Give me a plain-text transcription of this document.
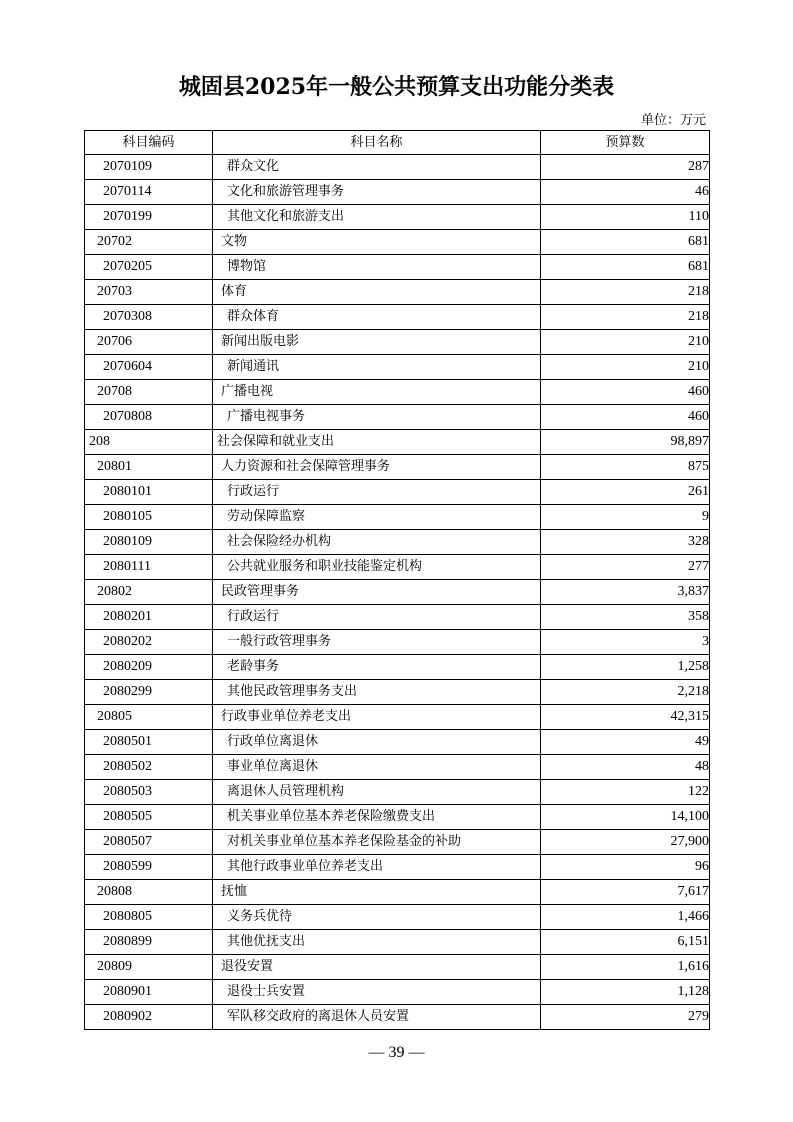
城固县2025年一般公共预算支出功能分类表
单位：万元
科目编码	科目名称	预算数
2070109	群众文化	287
2070114	文化和旅游管理事务	46
2070199	其他文化和旅游支出	110
20702	文物	681
2070205	博物馆	681
20703	体育	218
2070308	群众体育	218
20706	新闻出版电影	210
2070604	新闻通讯	210
20708	广播电视	460
2070808	广播电视事务	460
208	社会保障和就业支出	98,897
20801	人力资源和社会保障管理事务	875
2080101	行政运行	261
2080105	劳动保障监察	9
2080109	社会保险经办机构	328
2080111	公共就业服务和职业技能鉴定机构	277
20802	民政管理事务	3,837
2080201	行政运行	358
2080202	一般行政管理事务	3
2080209	老龄事务	1,258
2080299	其他民政管理事务支出	2,218
20805	行政事业单位养老支出	42,315
2080501	行政单位离退休	49
2080502	事业单位离退休	48
2080503	离退休人员管理机构	122
2080505	机关事业单位基本养老保险缴费支出	14,100
2080507	对机关事业单位基本养老保险基金的补助	27,900
2080599	其他行政事业单位养老支出	96
20808	抚恤	7,617
2080805	义务兵优待	1,466
2080899	其他优抚支出	6,151
20809	退役安置	1,616
2080901	退役士兵安置	1,128
2080902	军队移交政府的离退休人员安置	279
— 39 —
